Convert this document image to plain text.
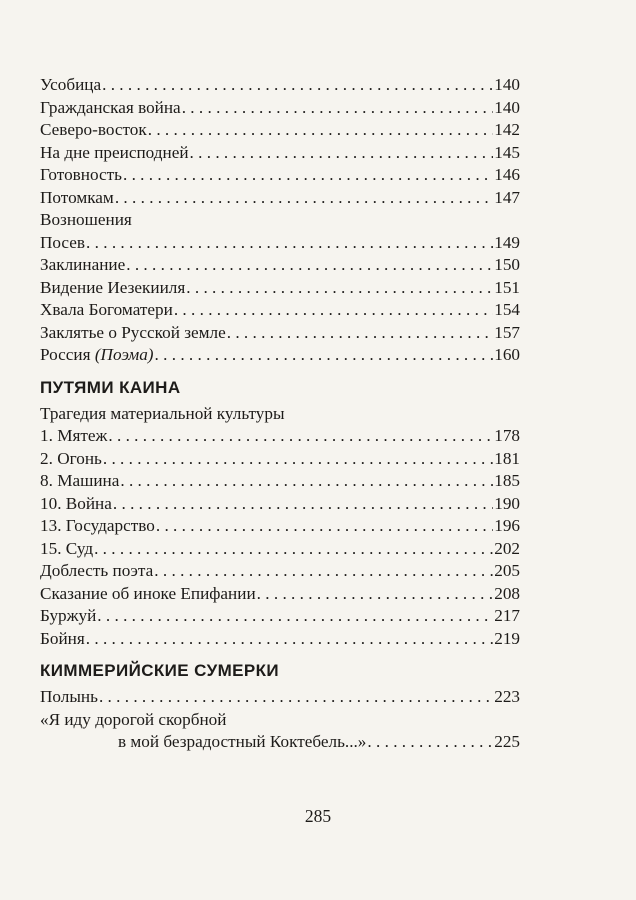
Усобица . . .	140
Гражданская война . . .	140
Северо-восток . . .	142
На дне преисподней . . .	145
Готовность . . .	146
Потомкам . . .	147
Возношения
Посев . . .	149
Заклинание . . .	150
Видение Иезекииля . . .	151
Хвала Богоматери . . .	154
Заклятье о Русской земле . . .	157
Россия (Поэма) . . .	160
ПУТЯМИ КАИНА
Трагедия материальной культуры
1. Мятеж . . .	178
2. Огонь . . .	181
8. Машина . . .	185
10. Война . . .	190
13. Государство . . .	196
15. Суд . . .	202
Доблесть поэта . . .	205
Сказание об иноке Епифании . . .	208
Буржуй . . .	217
Бойня . . .	219
КИММЕРИЙСКИЕ СУМЕРКИ
Полынь . . .	223
«Я иду дорогой скорбной
в мой безрадостный Коктебель...» . . .	225
285
